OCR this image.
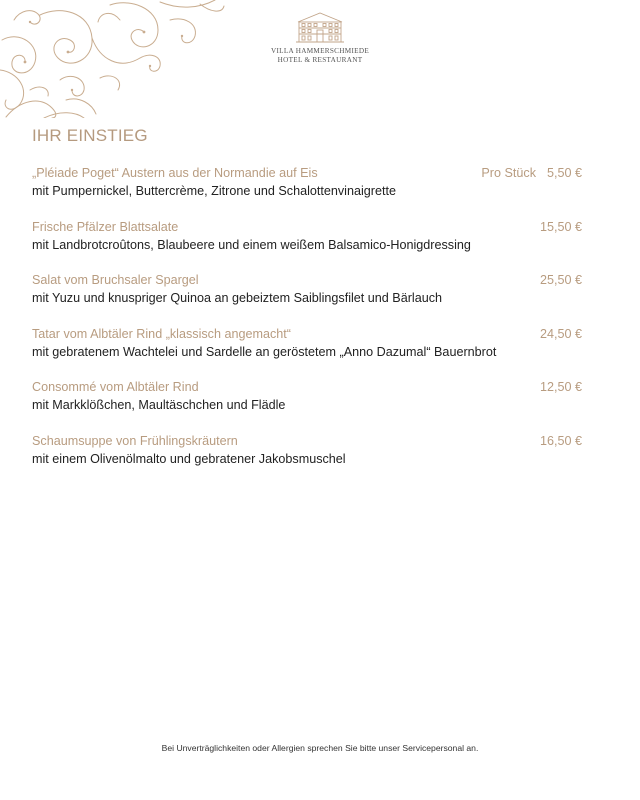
VILLA HAMMERSCHMIEDE
HOTEL & RESTAURANT
IHR EINSTIEG
„Pléiade Poget“ Austern aus der Normandie auf Eis	Pro Stück 5,50 €
mit Pumpernickel, Buttercrème, Zitrone und Schalottenvinaigrette
Frische Pfälzer Blattsalate	15,50 €
mit Landbrotcroûtons, Blaubeere und einem weißem Balsamico-Honigdressing
Salat vom Bruchsaler Spargel	25,50 €
mit Yuzu und knuspriger Quinoa an gebeiztem Saiblingsfilet und Bärlauch
Tatar vom Albtäler Rind „klassisch angemacht“	24,50 €
mit gebratenem Wachtelei und Sardelle an geröstetem „Anno Dazumal“ Bauernbrot
Consommé vom Albtäler Rind	12,50 €
mit Markklößchen, Maultäschchen und Flädle
Schaumsuppe von Frühlingskräutern	16,50 €
mit einem Olivenölmalto und gebratener Jakobsmuschel
Bei Unverträglichkeiten oder Allergien sprechen Sie bitte unser Servicepersonal an.
